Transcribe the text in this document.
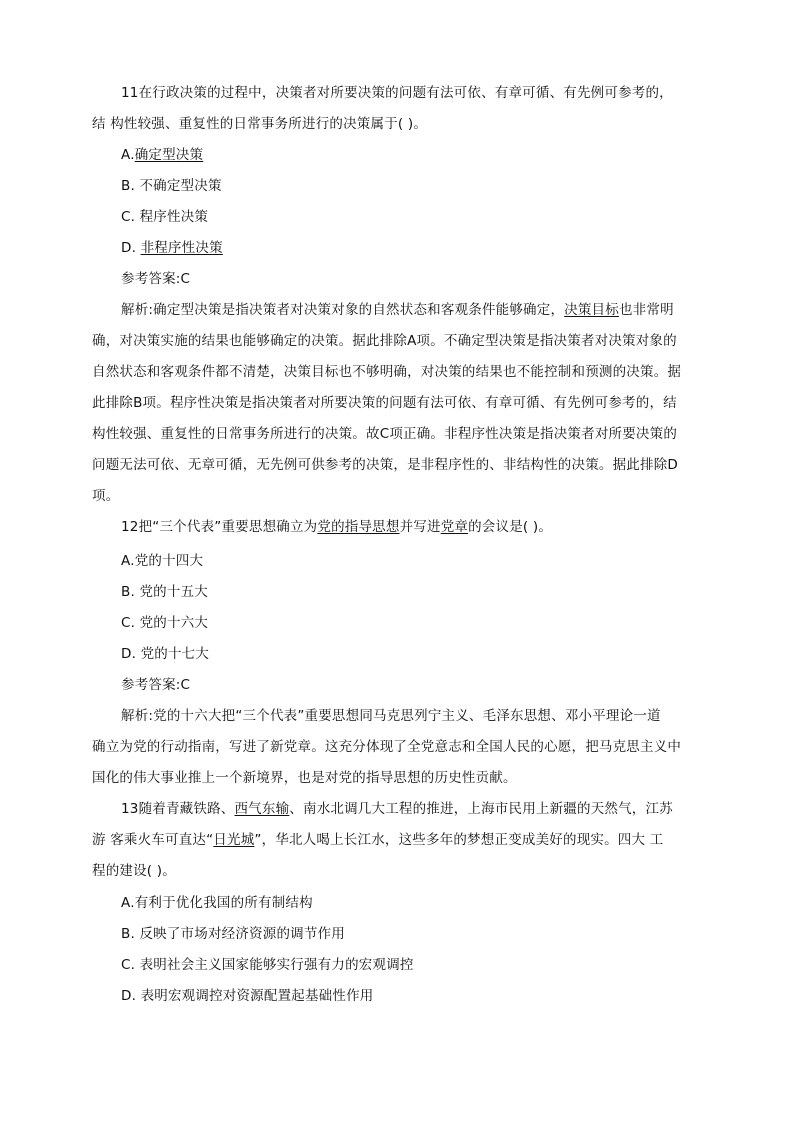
11在行政决策的过程中，决策者对所要决策的问题有法可依、有章可循、有先例可参考的，
结 构性较强、重复性的日常事务所进行的决策属于( )。
A.确定型决策
B. 不确定型决策
C. 程序性决策
D. 非程序性决策
参考答案:C
解析:确定型决策是指决策者对决策对象的自然状态和客观条件能够确定，决策目标也非常明
确，对决策实施的结果也能够确定的决策。据此排除A项。不确定型决策是指决策者对决策对象的
自然状态和客观条件都不清楚，决策目标也不够明确，对决策的结果也不能控制和预测的决策。据
此排除B项。程序性决策是指决策者对所要决策的问题有法可依、有章可循、有先例可参考的，结
构性较强、重复性的日常事务所进行的决策。故C项正确。非程序性决策是指决策者对所要决策的
问题无法可依、无章可循，无先例可供参考的决策，是非程序性的、非结构性的决策。据此排除D
项。
12把“三个代表”重要思想确立为党的指导思想并写进党章的会议是( )。
A.党的十四大
B. 党的十五大
C. 党的十六大
D. 党的十七大
参考答案:C
解析:党的十六大把“三个代表”重要思想同马克思列宁主义、毛泽东思想、邓小平理论一道
确立为党的行动指南，写进了新党章。这充分体现了全党意志和全国人民的心愿，把马克思主义中
国化的伟大事业推上一个新境界，也是对党的指导思想的历史性贡献。
13随着青藏铁路、西气东输、南水北调几大工程的推进，上海市民用上新疆的天然气，江苏
游 客乘火车可直达“日光城”，华北人喝上长江水，这些多年的梦想正变成美好的现实。四大 工
程的建设( )。
A.有利于优化我国的所有制结构
B. 反映了市场对经济资源的调节作用
C. 表明社会主义国家能够实行强有力的宏观调控
D. 表明宏观调控对资源配置起基础性作用
